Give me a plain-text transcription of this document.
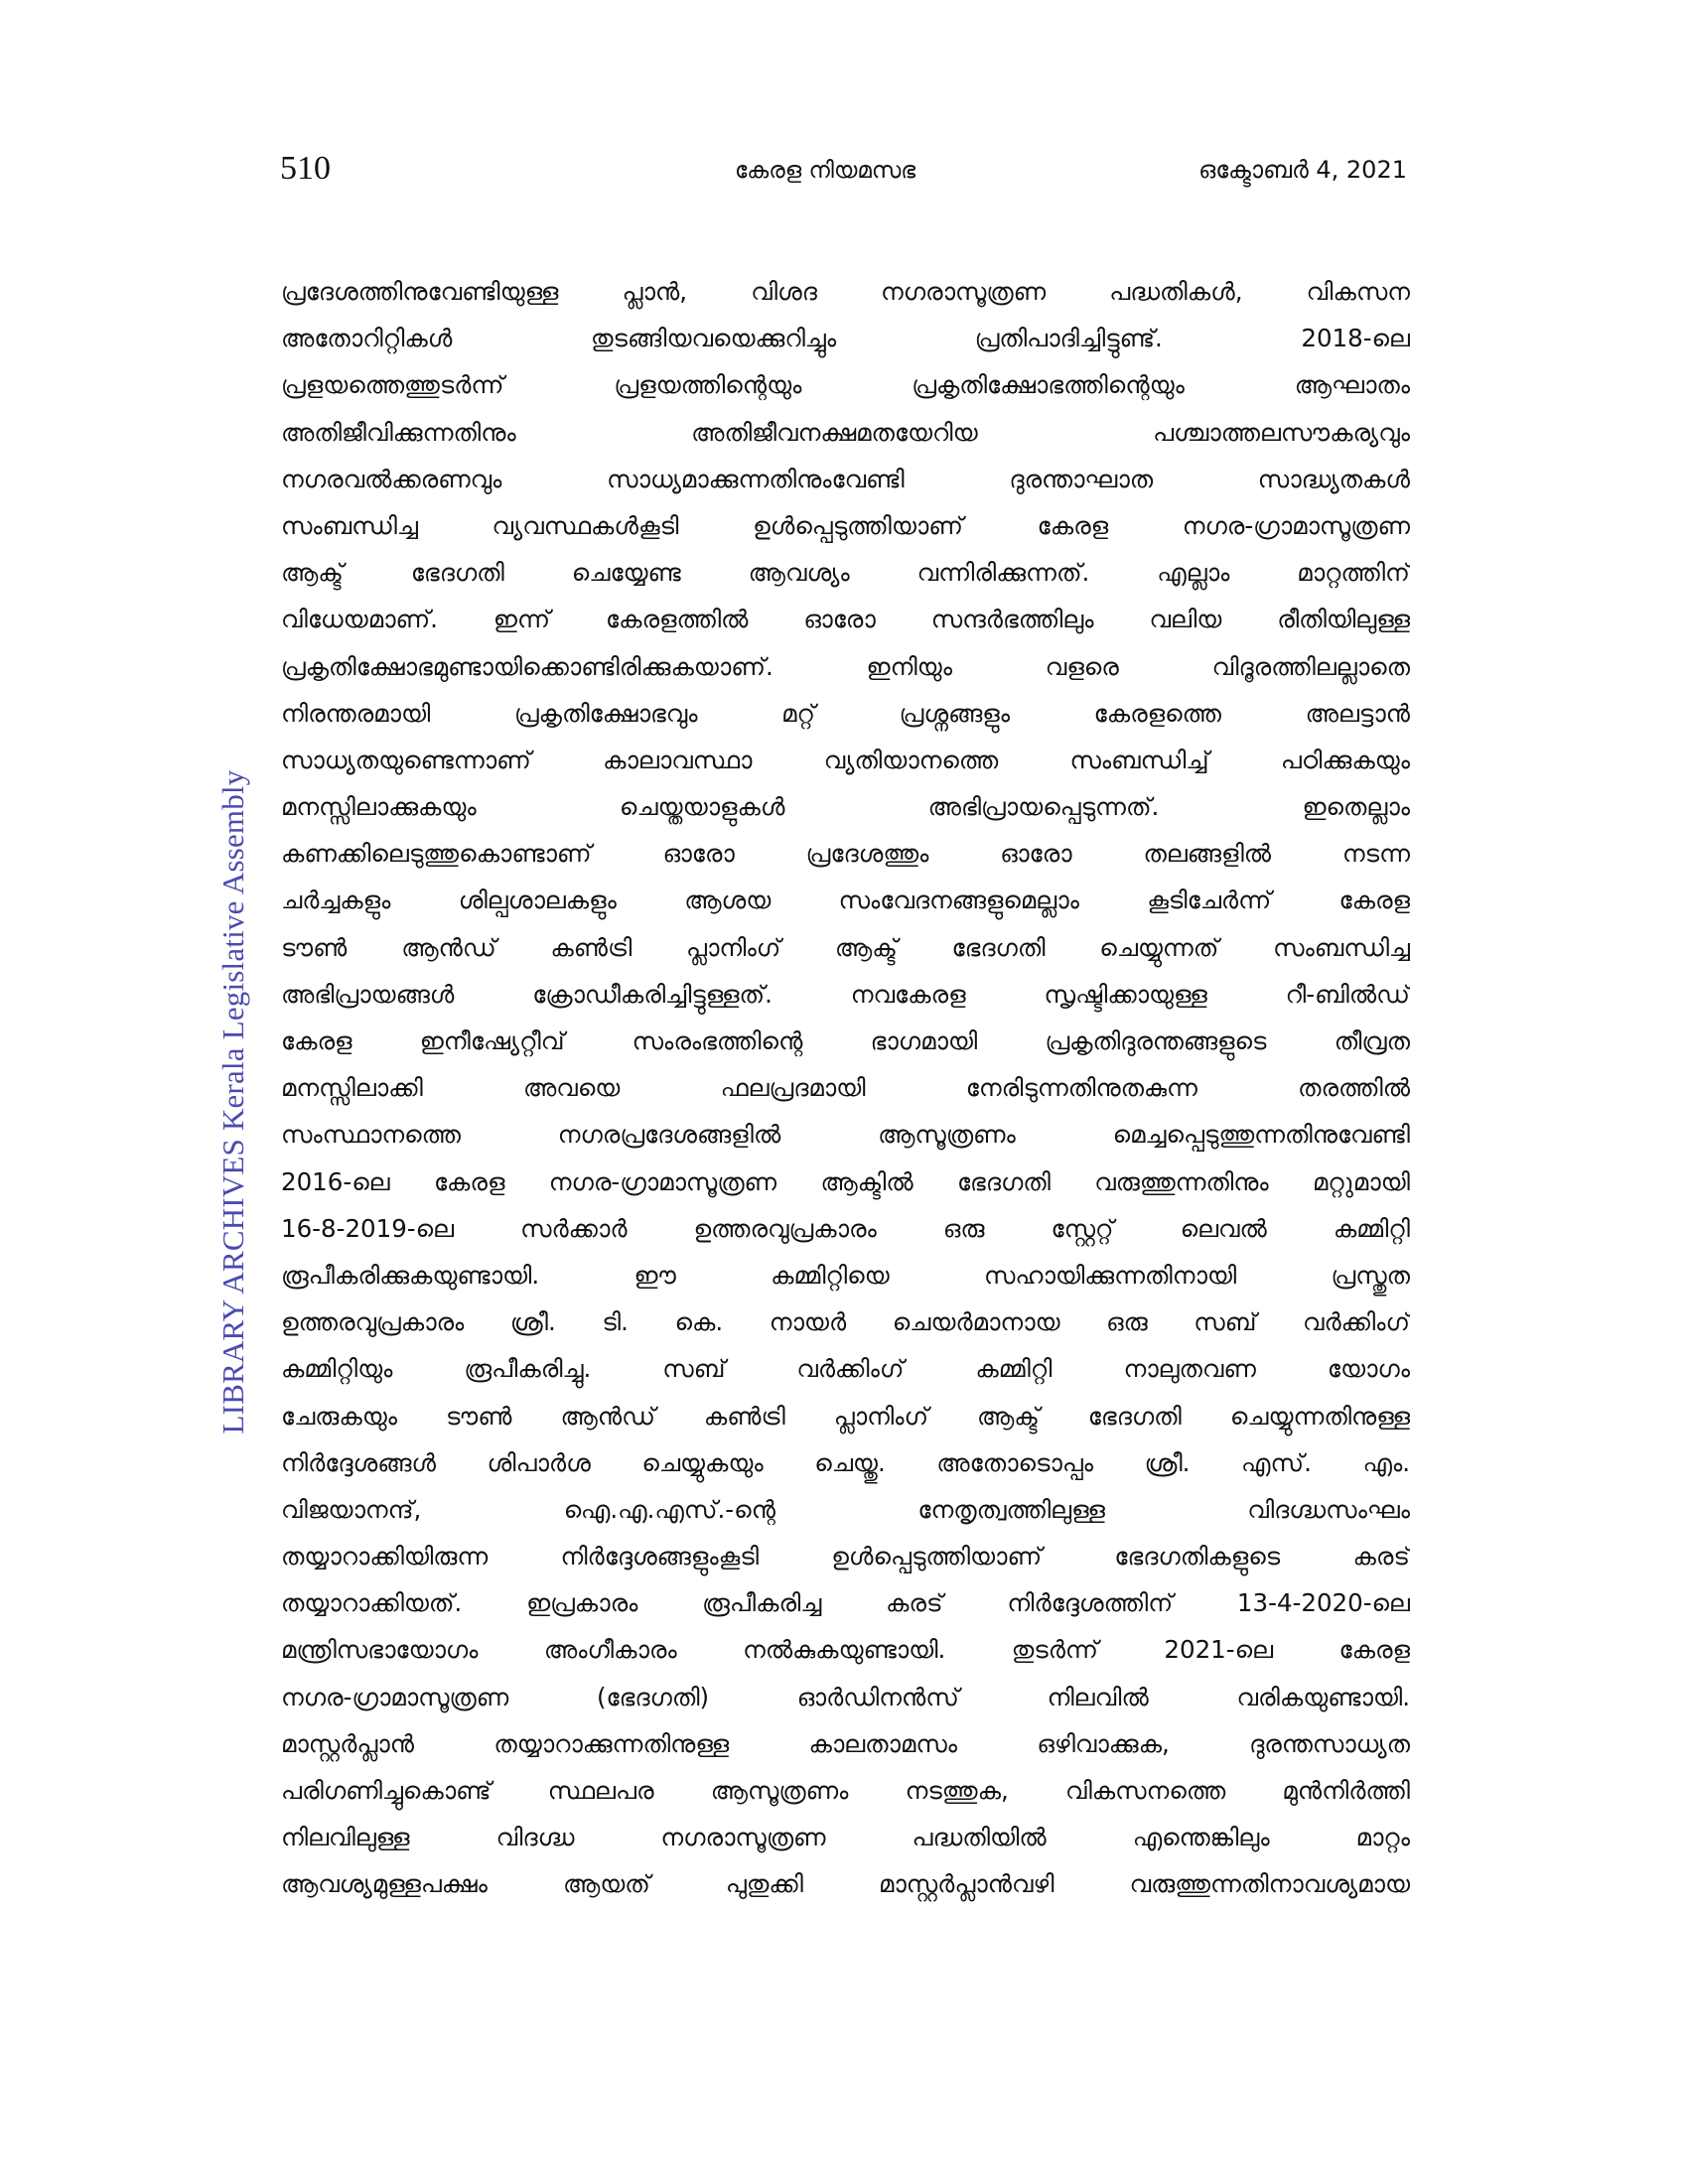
510	കേരള നിയമസഭ	ഒക്ടോബർ 4, 2021
LIBRARY ARCHIVES Kerala Legislative Assembly
പ്രദേശത്തിനുവേണ്ടിയുള്ള പ്ലാൻ, വിശദ നഗരാസൂത്രണ പദ്ധതികൾ, വികസന
അതോറിറ്റികൾ തുടങ്ങിയവയെക്കുറിച്ചും പ്രതിപാദിച്ചിട്ടുണ്ട്. 2018-ലെ
പ്രളയത്തെത്തുടർന്ന് പ്രളയത്തിന്റെയും പ്രകൃതിക്ഷോഭത്തിന്റെയും ആഘാതം
അതിജീവിക്കുന്നതിനും അതിജീവനക്ഷമതയേറിയ പശ്ചാത്തലസൗകര്യവും
നഗരവൽക്കരണവും സാധ്യമാക്കുന്നതിനുംവേണ്ടി ദുരന്താഘാത സാദ്ധ്യതകൾ
സംബന്ധിച്ച വ്യവസ്ഥകൾകൂടി ഉൾപ്പെടുത്തിയാണ് കേരള നഗര-ഗ്രാമാസൂത്രണ
ആക്ട് ഭേദഗതി ചെയ്യേണ്ട ആവശ്യം വന്നിരിക്കുന്നത്. എല്ലാം മാറ്റത്തിന്
വിധേയമാണ്. ഇന്ന് കേരളത്തിൽ ഓരോ സന്ദർഭത്തിലും വലിയ രീതിയിലുള്ള
പ്രകൃതിക്ഷോഭമുണ്ടായിക്കൊണ്ടിരിക്കുകയാണ്. ഇനിയും വളരെ വിദൂരത്തിലല്ലാതെ
നിരന്തരമായി പ്രകൃതിക്ഷോഭവും മറ്റ് പ്രശ്നങ്ങളും കേരളത്തെ അലട്ടാൻ
സാധ്യതയുണ്ടെന്നാണ് കാലാവസ്ഥാ വ്യതിയാനത്തെ സംബന്ധിച്ച് പഠിക്കുകയും
മനസ്സിലാക്കുകയും ചെയ്തയാളുകൾ അഭിപ്രായപ്പെടുന്നത്. ഇതെല്ലാം
കണക്കിലെടുത്തുകൊണ്ടാണ് ഓരോ പ്രദേശത്തും ഓരോ തലങ്ങളിൽ നടന്ന
ചർച്ചകളും ശില്പശാലകളും ആശയ സംവേദനങ്ങളുമെല്ലാം കൂടിചേർന്ന് കേരള
ടൗൺ ആൻഡ് കൺട്രി പ്ലാനിംഗ് ആക്ട് ഭേദഗതി ചെയ്യുന്നത് സംബന്ധിച്ച
അഭിപ്രായങ്ങൾ ക്രോഡീകരിച്ചിട്ടുള്ളത്. നവകേരള സൃഷ്ടിക്കായുള്ള റീ-ബിൽഡ്
കേരള ഇനീഷ്യേറ്റീവ് സംരംഭത്തിന്റെ ഭാഗമായി പ്രകൃതിദുരന്തങ്ങളുടെ തീവ്രത
മനസ്സിലാക്കി അവയെ ഫലപ്രദമായി നേരിടുന്നതിനുതകുന്ന തരത്തിൽ
സംസ്ഥാനത്തെ നഗരപ്രദേശങ്ങളിൽ ആസൂത്രണം മെച്ചപ്പെടുത്തുന്നതിനുവേണ്ടി
2016-ലെ കേരള നഗര-ഗ്രാമാസൂത്രണ ആക്ടിൽ ഭേദഗതി വരുത്തുന്നതിനും മറ്റുമായി
16-8-2019-ലെ സർക്കാർ ഉത്തരവുപ്രകാരം ഒരു സ്റ്റേറ്റ് ലെവൽ കമ്മിറ്റി
രൂപീകരിക്കുകയുണ്ടായി. ഈ കമ്മിറ്റിയെ സഹായിക്കുന്നതിനായി പ്രസ്തുത
ഉത്തരവുപ്രകാരം ശ്രീ. ടി. കെ. നായർ ചെയർമാനായ ഒരു സബ് വർക്കിംഗ്
കമ്മിറ്റിയും രൂപീകരിച്ചു. സബ് വർക്കിംഗ് കമ്മിറ്റി നാലുതവണ യോഗം
ചേരുകയും ടൗൺ ആൻഡ് കൺട്രി പ്ലാനിംഗ് ആക്ട് ഭേദഗതി ചെയ്യുന്നതിനുള്ള
നിർദ്ദേശങ്ങൾ ശിപാർശ ചെയ്യുകയും ചെയ്തു. അതോടൊപ്പം ശ്രീ. എസ്. എം.
വിജയാനന്ദ്, ഐ.എ.എസ്.-ന്റെ നേതൃത്വത്തിലുള്ള വിദഗ്ദ്ധസംഘം
തയ്യാറാക്കിയിരുന്ന നിർദ്ദേശങ്ങളുംകൂടി ഉൾപ്പെടുത്തിയാണ് ഭേദഗതികളുടെ കരട്
തയ്യാറാക്കിയത്. ഇപ്രകാരം രൂപീകരിച്ച കരട് നിർദ്ദേശത്തിന് 13-4-2020-ലെ
മന്ത്രിസഭായോഗം അംഗീകാരം നൽകുകയുണ്ടായി. തുടർന്ന് 2021-ലെ കേരള
നഗര-ഗ്രാമാസൂത്രണ (ഭേദഗതി) ഓർഡിനൻസ് നിലവിൽ വരികയുണ്ടായി.
മാസ്റ്റർപ്ലാൻ തയ്യാറാക്കുന്നതിനുള്ള കാലതാമസം ഒഴിവാക്കുക, ദുരന്തസാധ്യത
പരിഗണിച്ചുകൊണ്ട് സ്ഥലപര ആസൂത്രണം നടത്തുക, വികസനത്തെ മുൻനിർത്തി
നിലവിലുള്ള വിദഗ്ദ്ധ നഗരാസൂത്രണ പദ്ധതിയിൽ എന്തെങ്കിലും മാറ്റം
ആവശ്യമുള്ളപക്ഷം ആയത് പുതുക്കി മാസ്റ്റർപ്ലാൻവഴി വരുത്തുന്നതിനാവശ്യമായ
